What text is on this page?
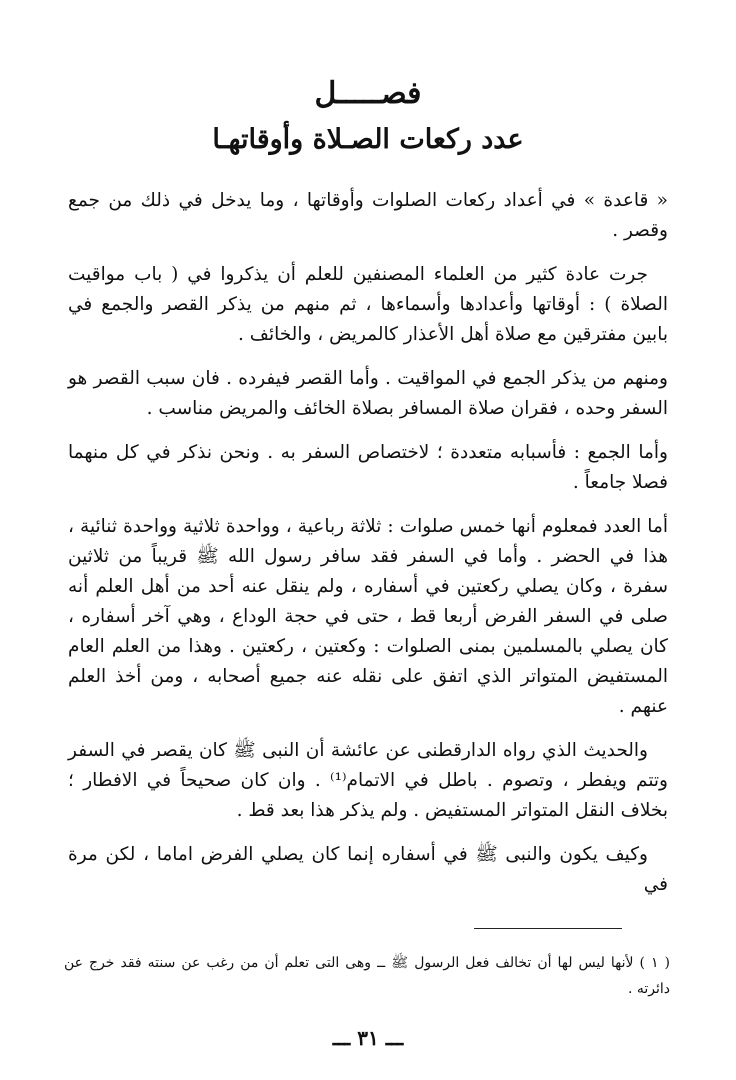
فصـــــل
عدد ركعات الصـلاة وأوقاتهـا

« قاعدة » في أعداد ركعات الصلوات وأوقاتها ، وما يدخل في ذلك من جمع وقصر .

جرت عادة كثير من العلماء المصنفين للعلم أن يذكروا في ( باب مواقيت الصلاة ) : أوقاتها وأعدادها وأسماءها ، ثم منهم من يذكر القصر والجمع في بابين مفترقين مع صلاة أهل الأعذار كالمريض ، والخائف .

ومنهم من يذكر الجمع في المواقيت . وأما القصر فيفرده . فان سبب القصر هو السفر وحده ، فقران صلاة المسافر بصلاة الخائف والمريض مناسب .

وأما الجمع : فأسبابه متعددة ؛ لاختصاص السفر به . ونحن نذكر في كل منهما فصلا جامعاً .

أما العدد فمعلوم أنها خمس صلوات : ثلاثة رباعية ، وواحدة ثلاثية وواحدة ثنائية ، هذا في الحضر . وأما في السفر فقد سافر رسول الله ﷺ قريباً من ثلاثين سفرة ، وكان يصلي ركعتين في أسفاره ، ولم ينقل عنه أحد من أهل العلم أنه صلى في السفر الفرض أربعا قط ، حتى في حجة الوداع ، وهي آخر أسفاره ، كان يصلي بالمسلمين بمنى الصلوات : وكعتين ، ركعتين . وهذا من العلم العام المستفيض المتواتر الذي اتفق على نقله عنه جميع أصحابه ، ومن أخذ العلم عنهم .

والحديث الذي رواه الدارقطنى عن عائشة أن النبى ﷺ كان يقصر في السفر وتتم ويفطر ، وتصوم . باطل في الاتمام⁽¹⁾ . وان كان صحيحاً في الافطار ؛ بخلاف النقل المتواتر المستفيض . ولم يذكر هذا بعد قط .

وكيف يكون والنبى ﷺ في أسفاره إنما كان يصلي الفرض اماما ، لكن مرة في

( ١ ) لأنها ليس لها أن تخالف فعل الرسول ﷺ ــ وهى التى تعلم أن من رغب عن سنته فقد خرج عن دائرته .

ـــ ٣١ ـــ
